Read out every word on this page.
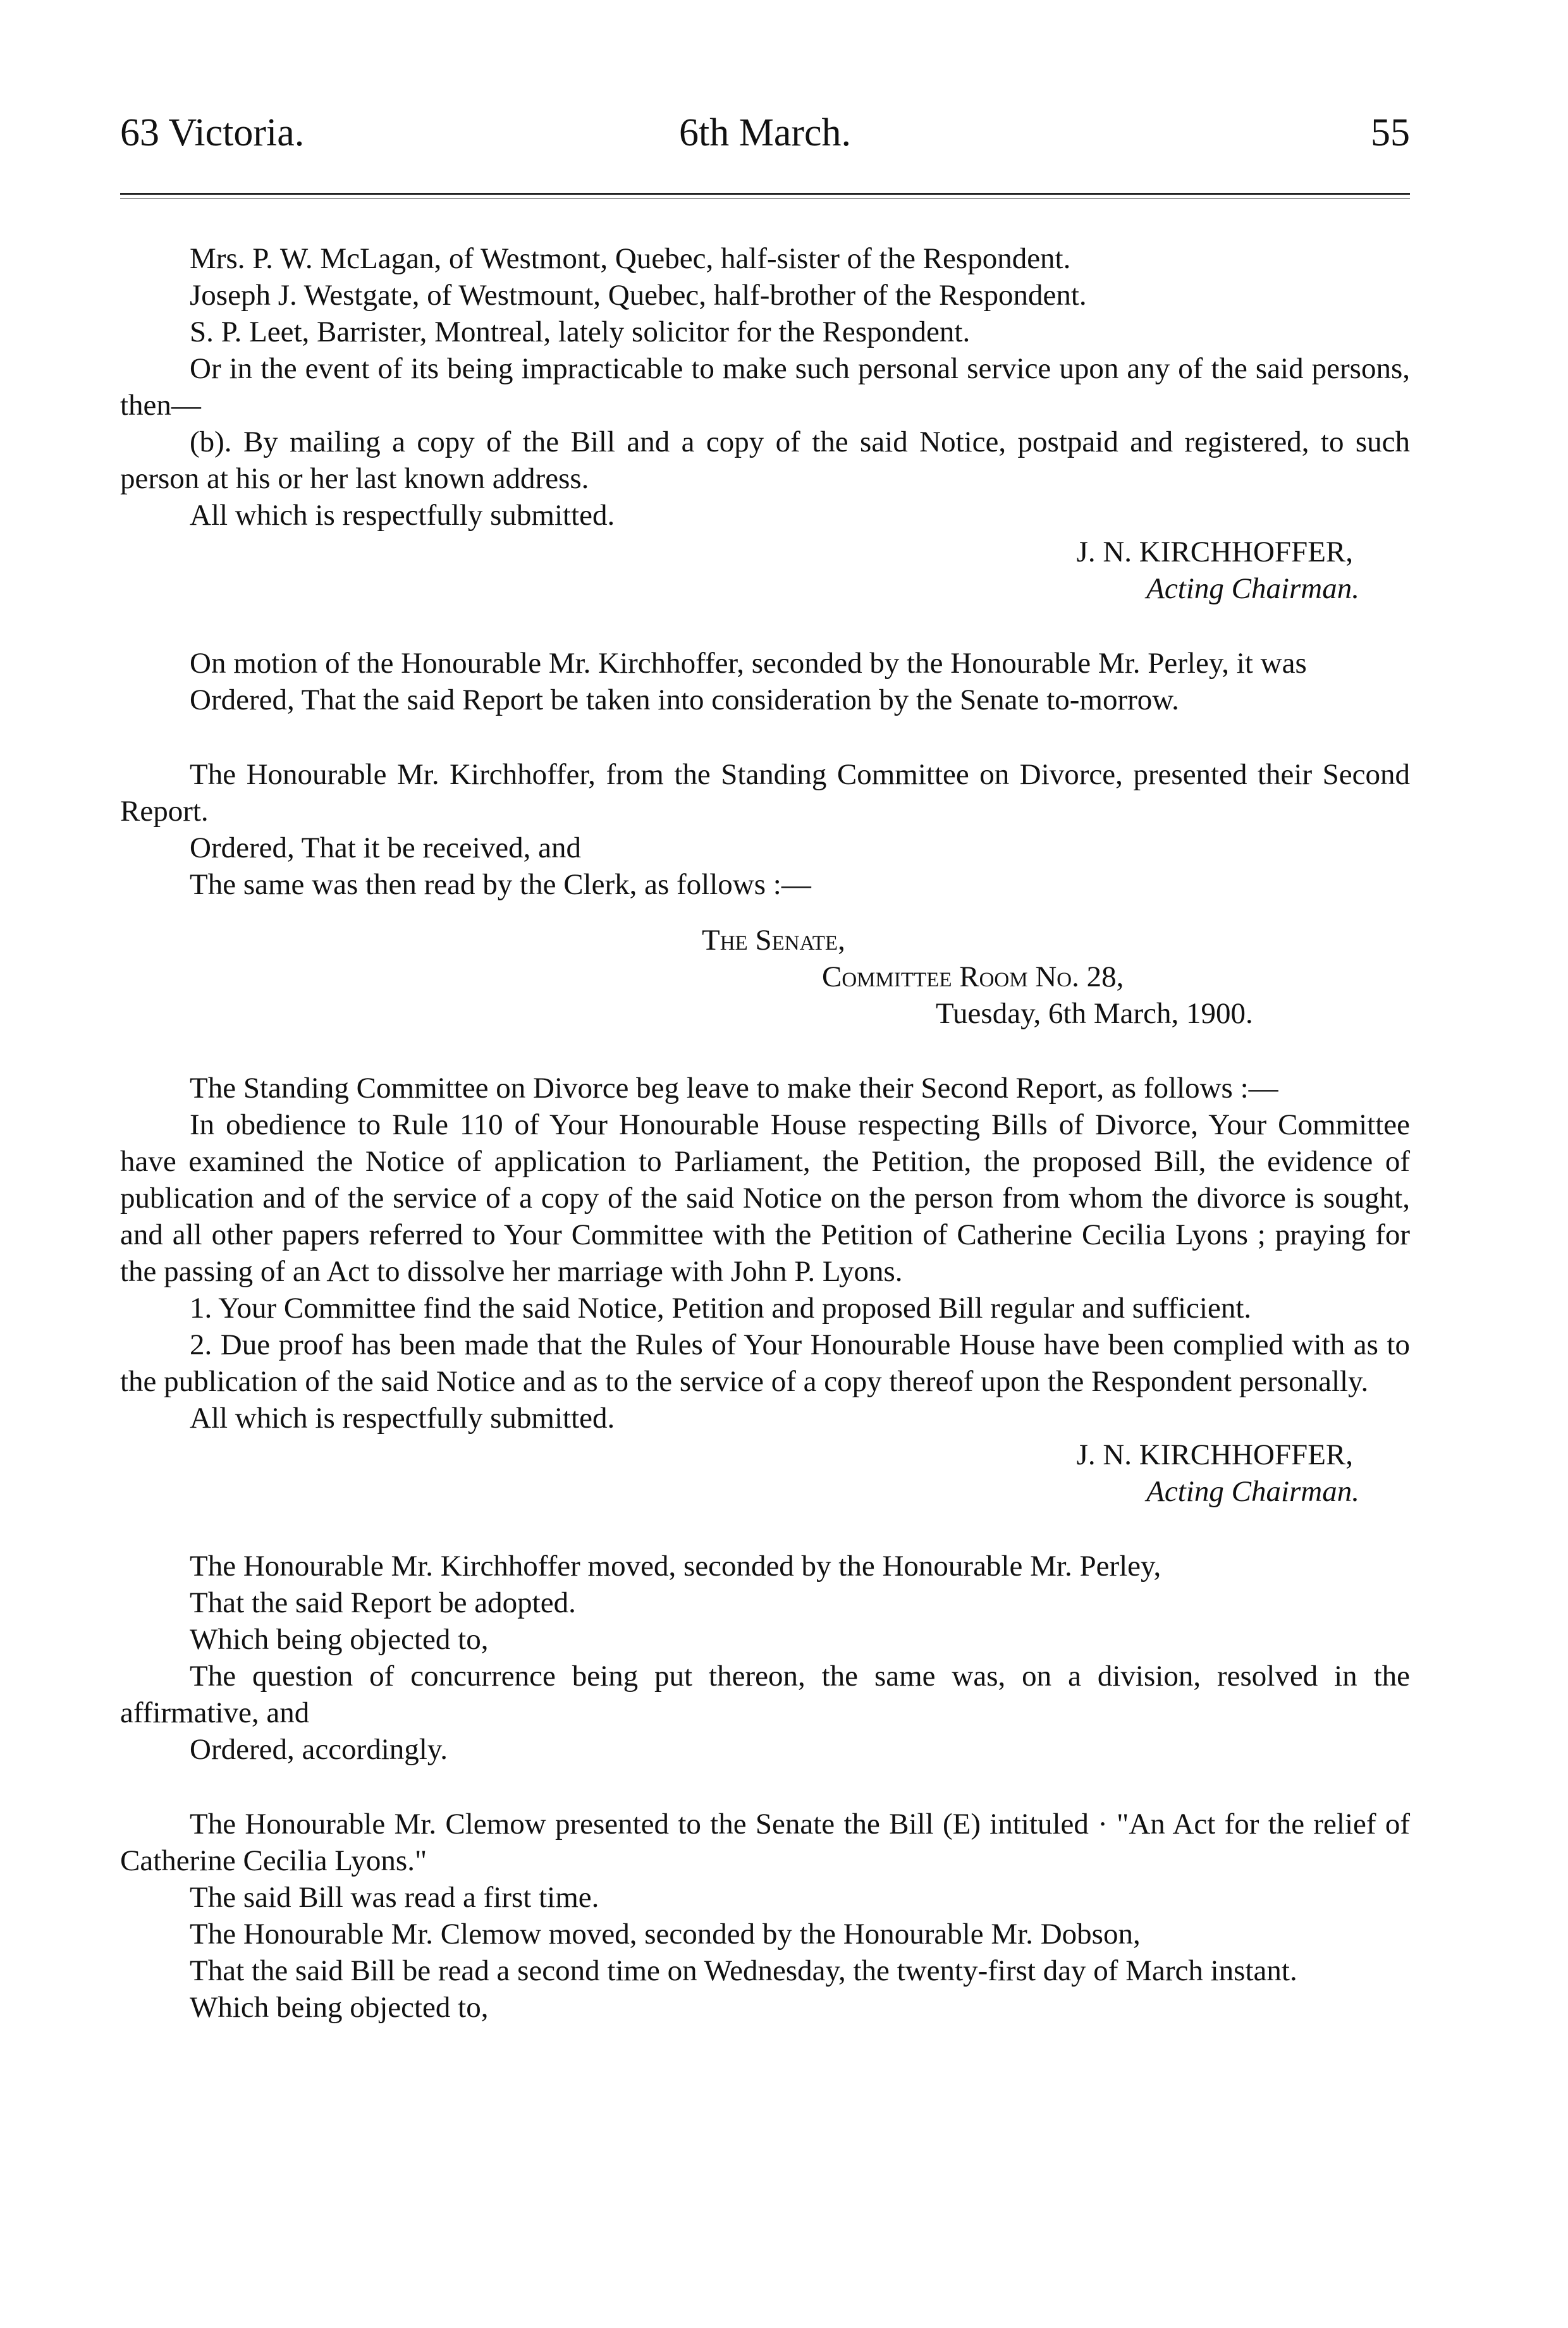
63 Victoria.	6th March.	55

Mrs. P. W. McLagan, of Westmont, Quebec, half-sister of the Respondent.

Joseph J. Westgate, of Westmount, Quebec, half-brother of the Respondent.

S. P. Leet, Barrister, Montreal, lately solicitor for the Respondent.

Or in the event of its being impracticable to make such personal service upon any of the said persons, then—

(b). By mailing a copy of the Bill and a copy of the said Notice, postpaid and registered, to such person at his or her last known address.

All which is respectfully submitted.

J. N. KIRCHHOFFER,

Acting Chairman.

On motion of the Honourable Mr. Kirchhoffer, seconded by the Honourable Mr. Perley, it was

Ordered, That the said Report be taken into consideration by the Senate to-morrow.

The Honourable Mr. Kirchhoffer, from the Standing Committee on Divorce, presented their Second Report.

Ordered, That it be received, and

The same was then read by the Clerk, as follows :—

The Senate,

Committee Room No. 28,

Tuesday, 6th March, 1900.

The Standing Committee on Divorce beg leave to make their Second Report, as follows :—

In obedience to Rule 110 of Your Honourable House respecting Bills of Divorce, Your Committee have examined the Notice of application to Parliament, the Petition, the proposed Bill, the evidence of publication and of the service of a copy of the said Notice on the person from whom the divorce is sought, and all other papers referred to Your Committee with the Petition of Catherine Cecilia Lyons ; praying for the passing of an Act to dissolve her marriage with John P. Lyons.

1. Your Committee find the said Notice, Petition and proposed Bill regular and sufficient.

2. Due proof has been made that the Rules of Your Honourable House have been complied with as to the publication of the said Notice and as to the service of a copy thereof upon the Respondent personally.

All which is respectfully submitted.

J. N. KIRCHHOFFER,

Acting Chairman.

The Honourable Mr. Kirchhoffer moved, seconded by the Honourable Mr. Perley,

That the said Report be adopted.

Which being objected to,

The question of concurrence being put thereon, the same was, on a division, resolved in the affirmative, and

Ordered, accordingly.

The Honourable Mr. Clemow presented to the Senate the Bill (E) intituled · "An Act for the relief of Catherine Cecilia Lyons."

The said Bill was read a first time.

The Honourable Mr. Clemow moved, seconded by the Honourable Mr. Dobson,

That the said Bill be read a second time on Wednesday, the twenty-first day of March instant.

Which being objected to,
